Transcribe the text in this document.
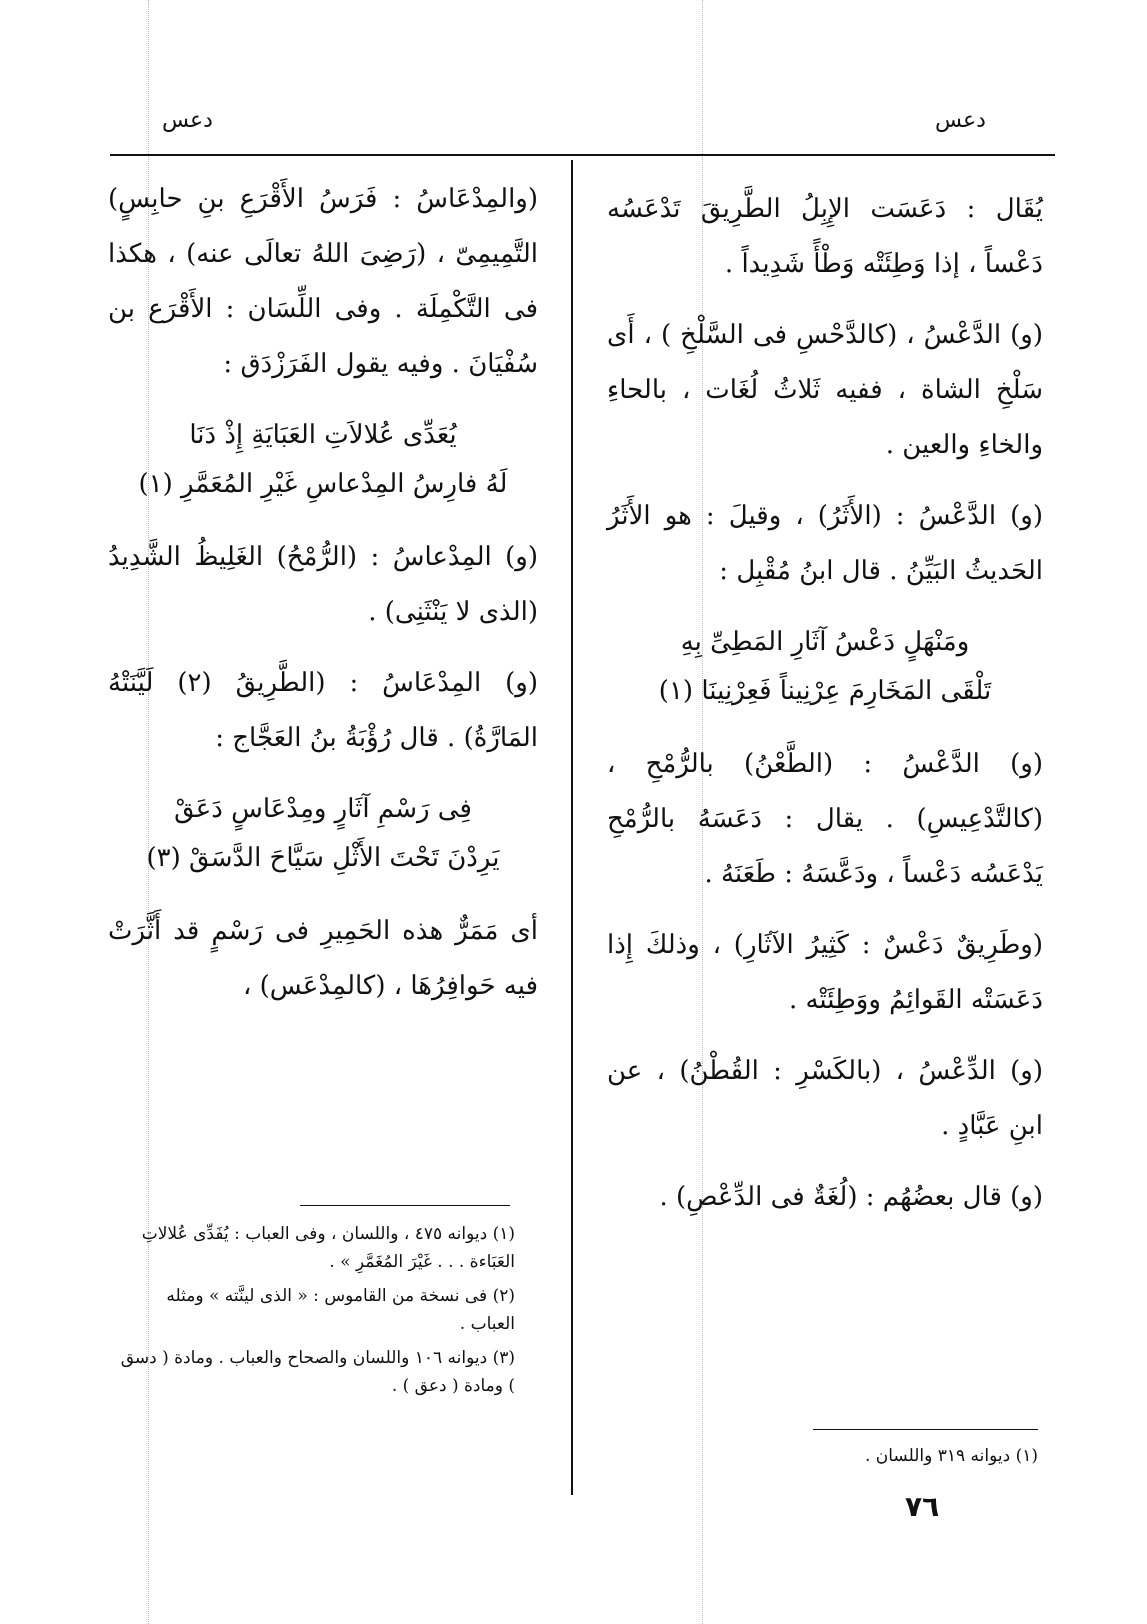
دعس
دعس
يُقَال : دَعَسَت الإِبِلُ الطَّرِيقَ تَدْعَسُه دَعْساً ، إذا وَطِئَتْه وَطْأً شَدِيداً .
(و) الدَّعْسُ ، (كالدَّحْسِ فى السَّلْخِ ) ، أَى سَلْخِ الشاة ، ففيه ثَلاثُ لُغَات ، بالحاءِ والخاءِ والعين .
(و) الدَّعْسُ : (الأَثَرُ) ، وقيلَ : هو الأَثَرُ الحَديثُ البَيِّنُ . قال ابنُ مُقْبِل :
ومَنْهَلٍ دَعْسُ آثَارِ المَطِىِّ بِهِ
تَلْقَى المَخَارِمَ عِرْنِيناً فَعِرْنِينَا (١)
(و) الدَّعْسُ : (الطَّعْنُ) بالرُّمْحِ ، (كالتَّدْعِيسِ) . يقال : دَعَسَهُ بالرُّمْحِ يَدْعَسُه دَعْساً ، ودَعَّسَهُ : طَعَنَهُ .
(وطَرِيقٌ دَعْسٌ : كَثِيرُ الآثَارِ) ، وذلكَ إِذا دَعَسَتْه القَوائِمُ ووَطِئَتْه .
(و) الدِّعْسُ ، (بالكَسْرِ : القُطْنُ) ، عن ابنِ عَبَّادٍ .
(و) قال بعضُهُم : (لُغَةٌ فى الدِّعْصِ) .
(والمِدْعَاسُ : فَرَسُ الأَقْرَعِ بنِ حابِسٍ) التَّمِيمِىّ ، (رَضِىَ اللهُ تعالَى عنه) ، هكذا فى التَّكْمِلَة . وفى اللِّسَان : الأَقْرَع بن سُفْيَانَ . وفيه يقول الفَرَزْدَق :
يُعَدِّى عُلالاَتِ العَبَايَةِ إِذْ دَنَا
لَهُ فارِسُ المِدْعاسِ غَيْرِ المُعَمَّرِ (١)
(و) المِدْعاسُ : (الرُّمْحُ) الغَلِيظُ الشَّدِيدُ (الذى لا يَنْثَنِى) .
(و) المِدْعَاسُ : (الطَّرِيقُ (٢) لَيَّنَتْهُ المَارَّةُ) . قال رُؤْبَةُ بنُ العَجَّاج :
فِى رَسْمِ آثَارٍ ومِدْعَاسٍ دَعَقْ
يَرِدْنَ تَحْتَ الأَثْلِ سَيَّاحَ الدَّسَقْ (٣)
أى مَمَرٌّ هذه الحَمِيرِ فى رَسْمٍ قد أَثَّرَتْ فيه حَوافِرُهَا ، (كالمِدْعَس) ،
(١) ديوانه ٤٧٥ ، واللسان ، وفى العباب : يُفَدِّى عُلالاتِ العَبَاءة . . . غَيْرَ المُغَمَّرِ » .
(٢) فى نسخة من القاموس : « الذى لينَّته » ومثله العباب .
(٣) ديوانه ١٠٦ واللسان والصحاح والعباب . ومادة ( دسق ) ومادة ( دعق ) .
(١) ديوانه ٣١٩ واللسان .
٧٦
